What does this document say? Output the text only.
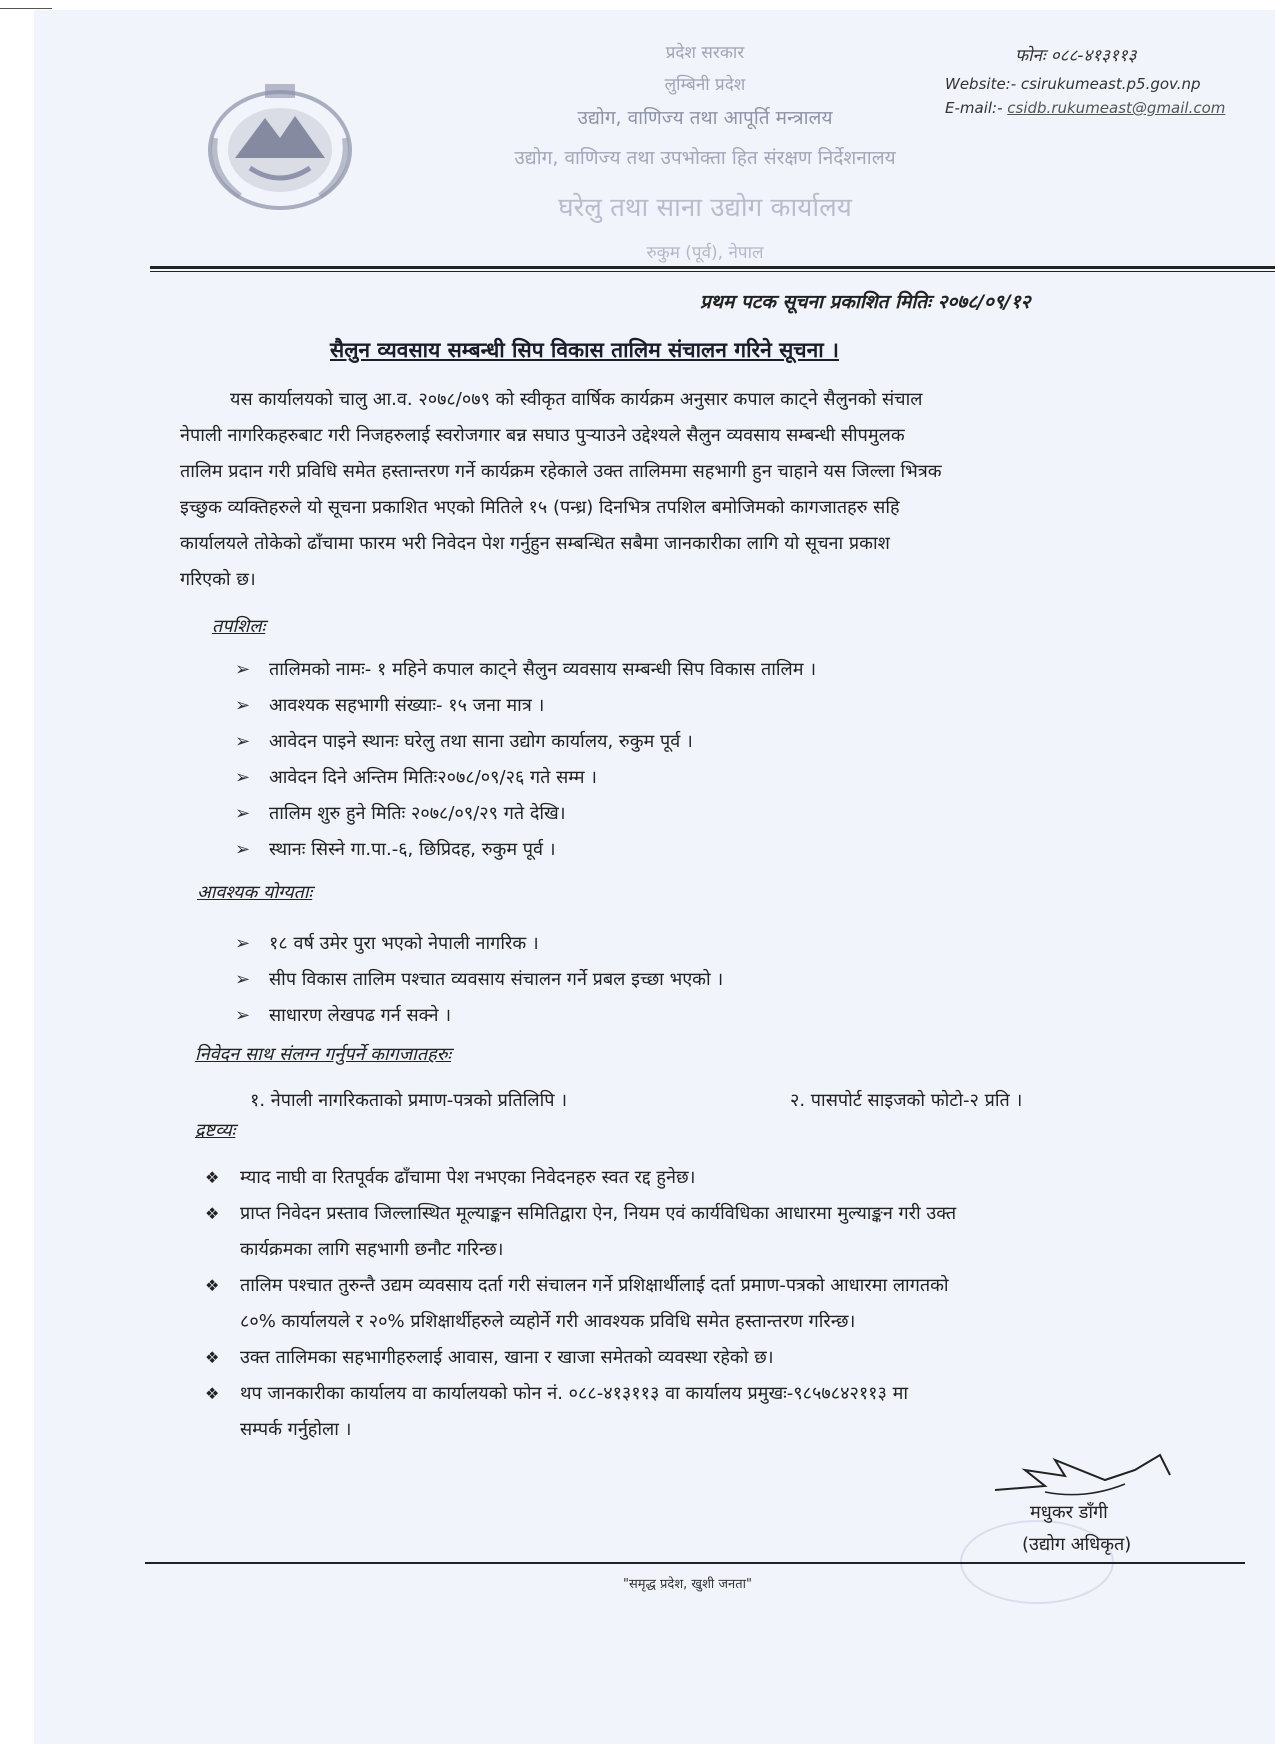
प्रदेश सरकार
लुम्बिनी प्रदेश
उद्योग, वाणिज्य तथा आपूर्ति मन्त्रालय
उद्योग, वाणिज्य तथा उपभोक्ता हित संरक्षण निर्देशनालय
घरेलु तथा साना उद्योग कार्यालय
रुकुम (पूर्व), नेपाल
फोनः ०८८-४१३११३
Website:- csirukumeast.p5.gov.np
E-mail:- csidb.rukumeast@gmail.com
प्रथम पटक सूचना प्रकाशित मितिः २०७८/०९/१२
सैलुन व्यवसाय सम्बन्धी सिप विकास तालिम संचालन गरिने सूचना ।
यस कार्यालयको चालु आ.व. २०७८/०७९ को स्वीकृत वार्षिक कार्यक्रम अनुसार कपाल काट्ने सैलुनको संचाल
नेपाली नागरिकहरुबाट गरी निजहरुलाई स्वरोजगार बन्न सघाउ पुऱ्याउने उद्देश्यले सैलुन व्यवसाय सम्बन्धी सीपमुलक
तालिम प्रदान गरी प्रविधि समेत हस्तान्तरण गर्ने कार्यक्रम रहेकाले उक्त तालिममा सहभागी हुन चाहाने यस जिल्ला भित्रक
इच्छुक व्यक्तिहरुले यो सूचना प्रकाशित भएको मितिले १५ (पन्ध्र) दिनभित्र तपशिल बमोजिमको कागजातहरु सहि
कार्यालयले तोकेको ढाँचामा फारम भरी निवेदन पेश गर्नुहुन सम्बन्धित सबैमा जानकारीका लागि यो सूचना प्रकाश
गरिएको छ।
तपशिलः
➢ तालिमको नामः- १ महिने कपाल काट्ने सैलुन व्यवसाय सम्बन्धी सिप विकास तालिम ।
➢ आवश्यक सहभागी संख्याः- १५ जना मात्र ।
➢ आवेदन पाइने स्थानः घरेलु तथा साना उद्योग कार्यालय, रुकुम पूर्व ।
➢ आवेदन दिने अन्तिम मितिः२०७८/०९/२६ गते सम्म ।
➢ तालिम शुरु हुने मितिः २०७८/०९/२९ गते देखि।
➢ स्थानः सिस्ने गा.पा.-६, छिप्रिदह, रुकुम पूर्व ।
आवश्यक योग्यताः
➢ १८ वर्ष उमेर पुरा भएको नेपाली नागरिक ।
➢ सीप विकास तालिम पश्चात व्यवसाय संचालन गर्ने प्रबल इच्छा भएको ।
➢ साधारण लेखपढ गर्न सक्ने ।
निवेदन साथ संलग्न गर्नुपर्ने कागजातहरुः
१. नेपाली नागरिकताको प्रमाण-पत्रको प्रतिलिपि ।	२. पासपोर्ट साइजको फोटो-२ प्रति ।
द्रष्टव्यः
❖ म्याद नाघी वा रितपूर्वक ढाँचामा पेश नभएका निवेदनहरु स्वत रद्द हुनेछ।
❖ प्राप्त निवेदन प्रस्ताव जिल्लास्थित मूल्याङ्कन समितिद्वारा ऐन, नियम एवं कार्यविधिका आधारमा मुल्याङ्कन गरी उक्त
कार्यक्रमका लागि सहभागी छनौट गरिन्छ।
❖ तालिम पश्चात तुरुन्तै उद्यम व्यवसाय दर्ता गरी संचालन गर्ने प्रशिक्षार्थीलाई दर्ता प्रमाण-पत्रको आधारमा लागतको
८०% कार्यालयले र २०% प्रशिक्षार्थीहरुले व्यहोर्ने गरी आवश्यक प्रविधि समेत हस्तान्तरण गरिन्छ।
❖ उक्त तालिमका सहभागीहरुलाई आवास, खाना र खाजा समेतको व्यवस्था रहेको छ।
❖ थप जानकारीका कार्यालय वा कार्यालयको फोन नं. ०८८-४१३११३ वा कार्यालय प्रमुखः-९८५७८४२११३ मा
सम्पर्क गर्नुहोला ।
मधुकर डाँगी
(उद्योग अधिकृत)
"समृद्ध प्रदेश, खुशी जनता"
